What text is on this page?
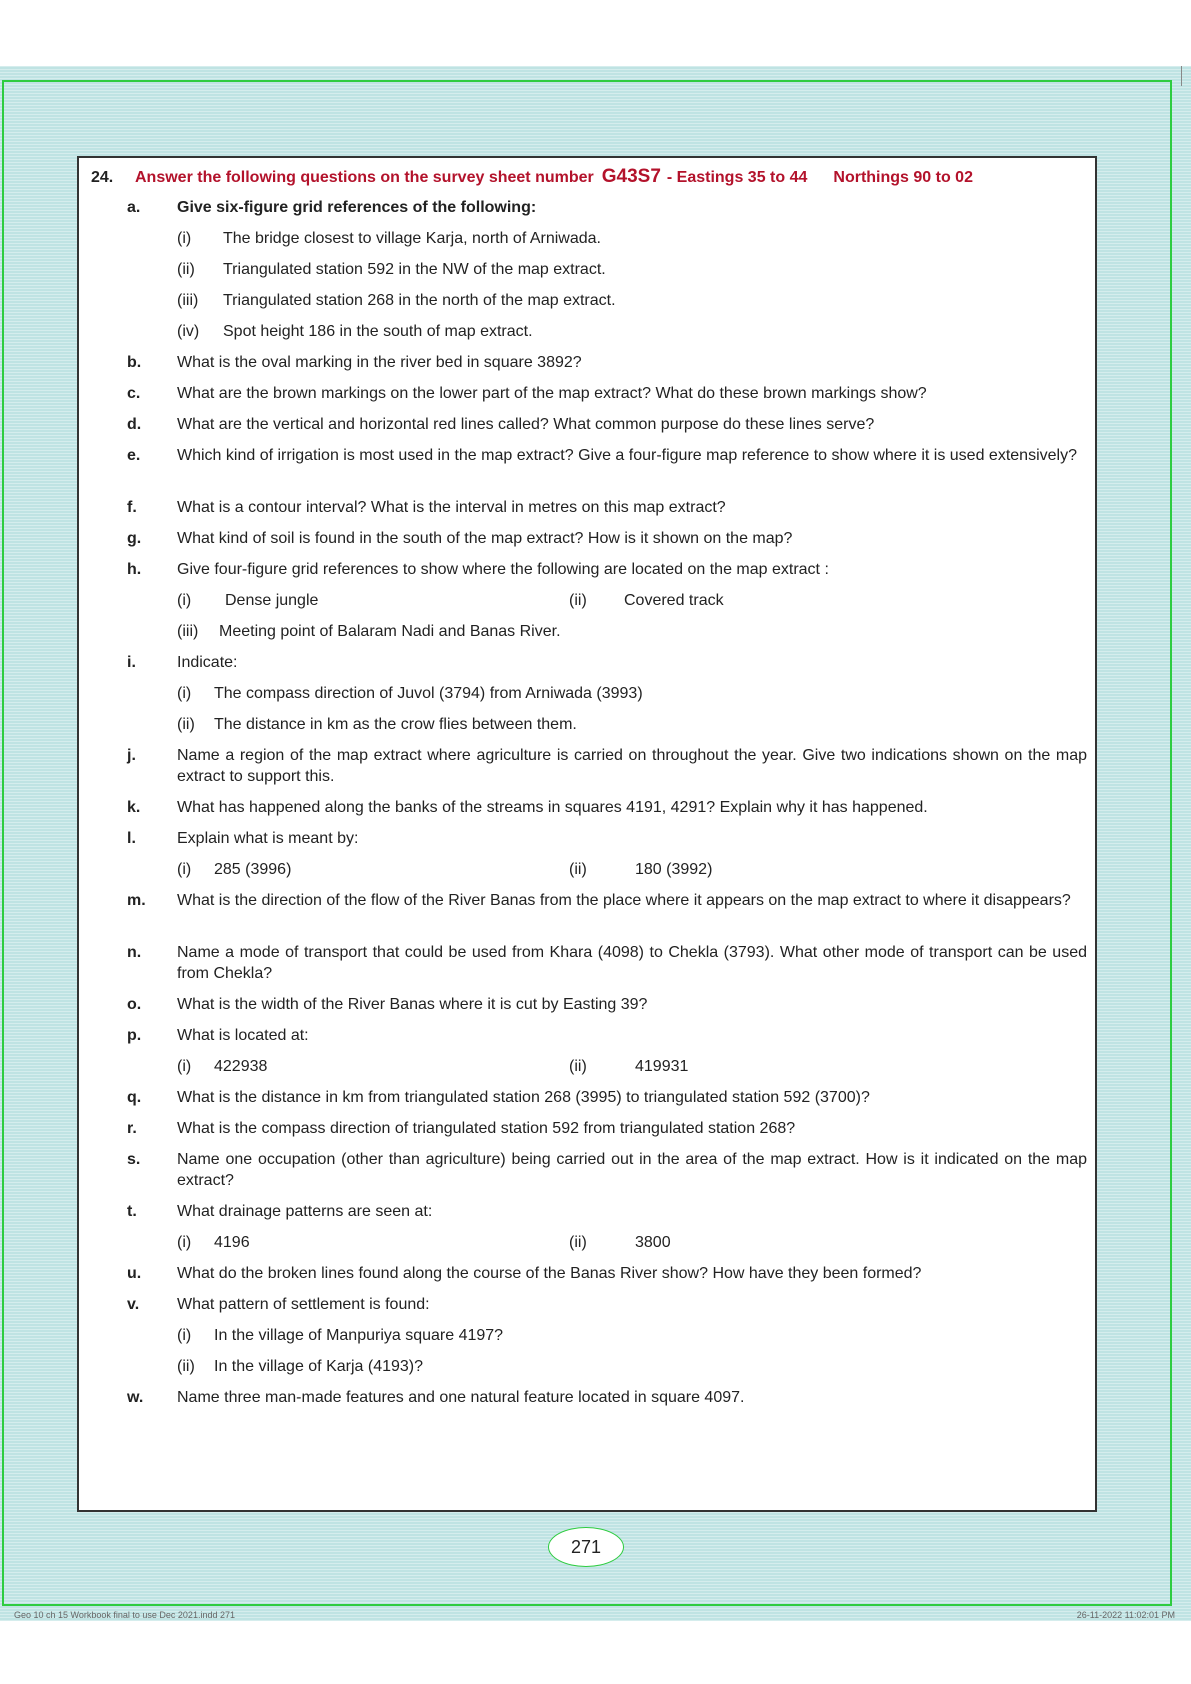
24. Answer the following questions on the survey sheet number G43S7 - Eastings 35 to 44 Northings 90 to 02
a. Give six-figure grid references of the following:
(i) The bridge closest to village Karja, north of Arniwada.
(ii) Triangulated station 592 in the NW of the map extract.
(iii) Triangulated station 268 in the north of the map extract.
(iv) Spot height 186 in the south of map extract.
b. What is the oval marking in the river bed in square 3892?
c. What are the brown markings on the lower part of the map extract? What do these brown markings show?
d. What are the vertical and horizontal red lines called? What common purpose do these lines serve?
e. Which kind of irrigation is most used in the map extract? Give a four-figure map reference to show where it is used extensively?
f.	What is a contour interval? What is the interval in metres on this map extract?
g. What kind of soil is found in the south of the map extract? How is it shown on the map?
h. Give four-figure grid references to show where the following are located on the map extract :
(i) Dense jungle	(ii) Covered track
(iii) Meeting point of Balaram Nadi and Banas River.
i.	Indicate:
(i) The compass direction of Juvol (3794) from Arniwada (3993)
(ii) The distance in km as the crow flies between them.
j.	Name a region of the map extract where agriculture is carried on throughout the year. Give two indications shown on the map extract to support this.
k. What has happened along the banks of the streams in squares 4191, 4291? Explain why it has happened.
l.	Explain what is meant by:
(i) 285 (3996)	(ii)	180 (3992)
m. What is the direction of the flow of the River Banas from the place where it appears on the map extract to where it disappears?
n. Name a mode of transport that could be used from Khara (4098) to Chekla (3793). What other mode of transport can be used from Chekla?
o. What is the width of the River Banas where it is cut by Easting 39?
p. What is located at:
(i) 422938	(ii)	419931
q. What is the distance in km from triangulated station 268 (3995) to triangulated station 592 (3700)?
r.	What is the compass direction of triangulated station 592 from triangulated station 268?
s. Name one occupation (other than agriculture) being carried out in the area of the map extract. How is it indicated on the map extract?
t.	What drainage patterns are seen at:
(i) 4196	(ii)	3800
u. What do the broken lines found along the course of the Banas River show? How have they been formed?
v. What pattern of settlement is found:
(i) In the village of Manpuriya square 4197?
(ii) In the village of Karja (4193)?
w. Name three man-made features and one natural feature located in square 4097.
271
Geo 10 ch 15 Workbook final to use Dec 2021.indd 271	26-11-2022 11:02:01 PM
